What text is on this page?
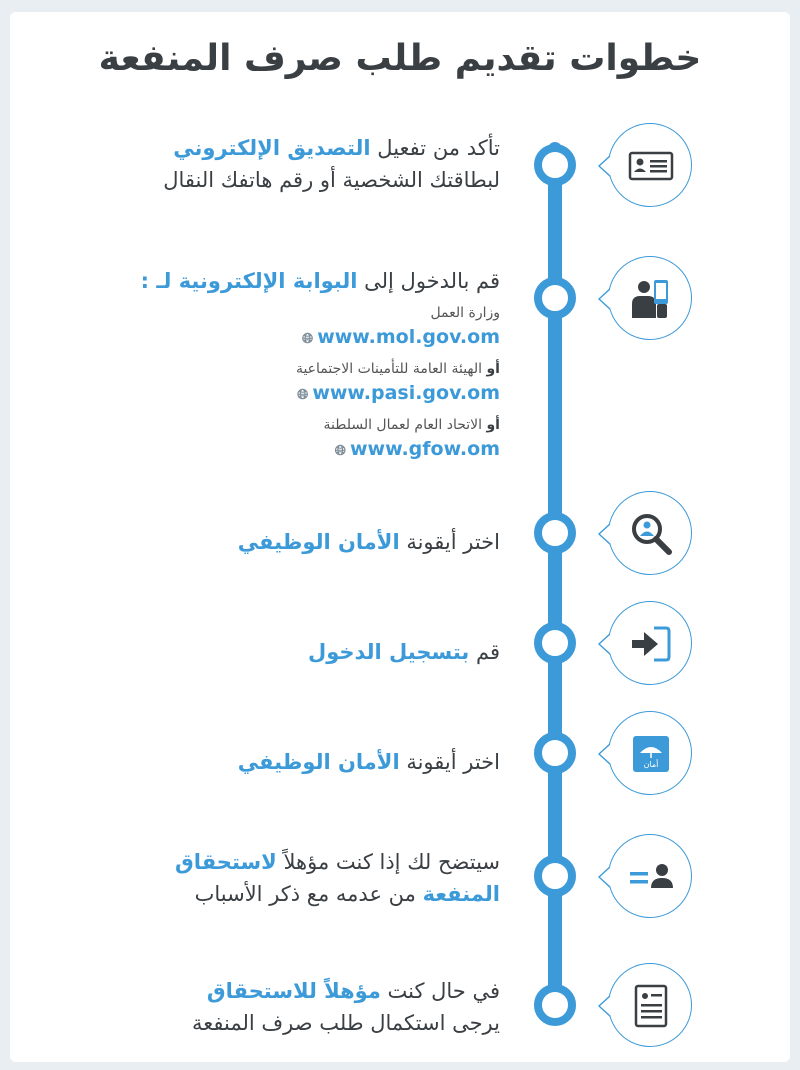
خطوات تقديم طلب صرف المنفعة
تأكد من تفعيل التصديق الإلكتروني
لبطاقتك الشخصية أو رقم هاتفك النقال
قم بالدخول إلى البوابة الإلكترونية لـ :
وزارة العمل
🌐︎ www.mol.gov.om
أو الهيئة العامة للتأمينات الاجتماعية
🌐︎ www.pasi.gov.om
أو الاتحاد العام لعمال السلطنة
🌐︎ www.gfow.om
اختر أيقونة الأمان الوظيفي
قم بتسجيل الدخول
أمان
اختر أيقونة الأمان الوظيفي
سيتضح لك إذا كنت مؤهلاً لاستحقاق
المنفعة من عدمه مع ذكر الأسباب
في حال كنت مؤهلاً للاستحقاق
يرجى استكمال طلب صرف المنفعة
